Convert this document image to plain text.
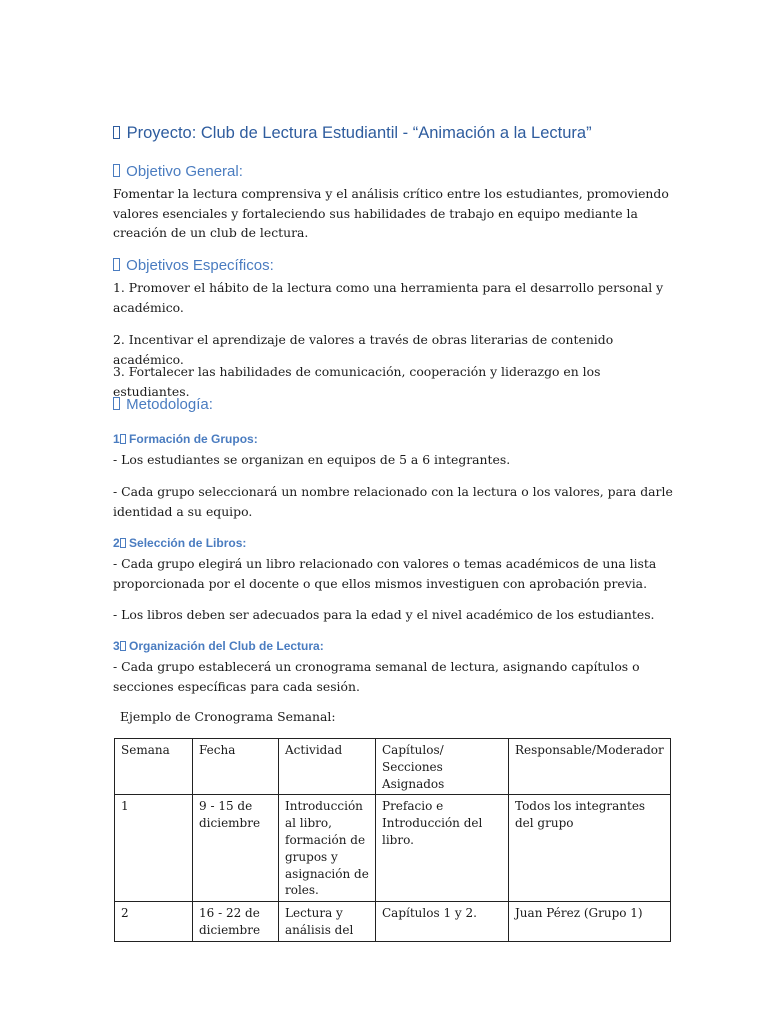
Proyecto: Club de Lectura Estudiantil - “Animación a la Lectura”
Objetivo General:
Fomentar la lectura comprensiva y el análisis crítico entre los estudiantes, promoviendo valores esenciales y fortaleciendo sus habilidades de trabajo en equipo mediante la creación de un club de lectura.
Objetivos Específicos:
1. Promover el hábito de la lectura como una herramienta para el desarrollo personal y académico.
2. Incentivar el aprendizaje de valores a través de obras literarias de contenido académico.
3. Fortalecer las habilidades de comunicación, cooperación y liderazgo en los estudiantes.
Metodología:
1 Formación de Grupos:
- Los estudiantes se organizan en equipos de 5 a 6 integrantes.
- Cada grupo seleccionará un nombre relacionado con la lectura o los valores, para darle identidad a su equipo.
2 Selección de Libros:
- Cada grupo elegirá un libro relacionado con valores o temas académicos de una lista proporcionada por el docente o que ellos mismos investiguen con aprobación previa.
- Los libros deben ser adecuados para la edad y el nivel académico de los estudiantes.
3 Organización del Club de Lectura:
- Cada grupo establecerá un cronograma semanal de lectura, asignando capítulos o secciones específicas para cada sesión.
Ejemplo de Cronograma Semanal:
Semana	Fecha	Actividad	Capítulos/ Secciones Asignados	Responsable/Moderador
1	9 - 15 de diciembre	Introducción al libro, formación de grupos y asignación de roles.	Prefacio e Introducción del libro.	Todos los integrantes del grupo
2	16 - 22 de diciembre	Lectura y análisis del	Capítulos 1 y 2.	Juan Pérez (Grupo 1)
